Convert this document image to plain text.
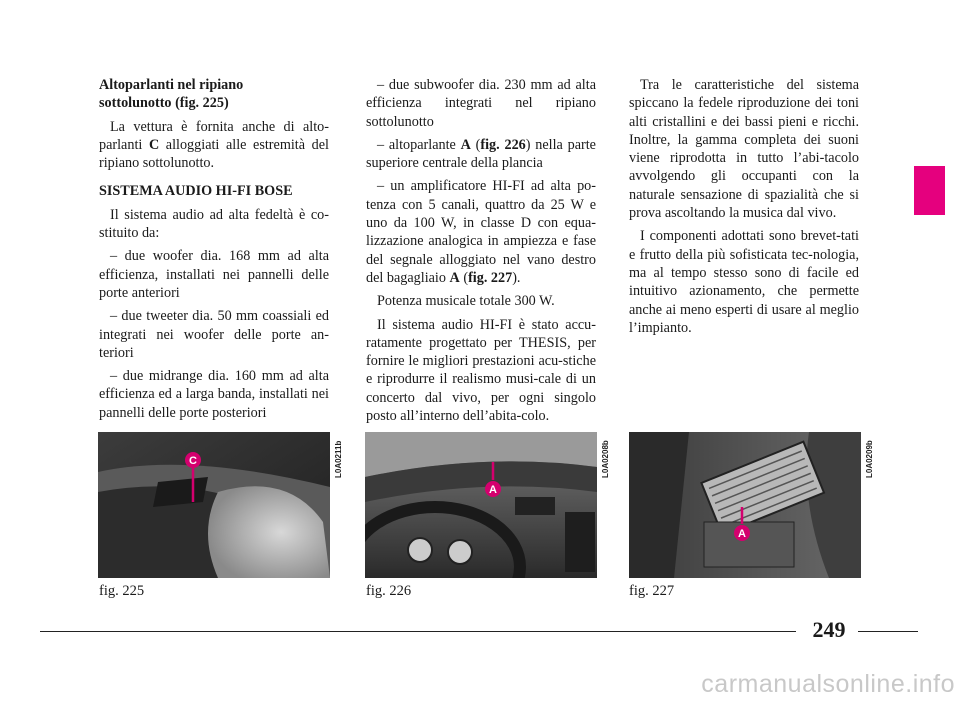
Altoparlanti nel ripiano
sottolunotto (fig. 225)

La vettura è fornita anche di alto-parlanti C alloggiati alle estremità del ripiano sottolunotto.

SISTEMA AUDIO HI-FI BOSE

Il sistema audio ad alta fedeltà è co-stituito da:

– due woofer dia. 168 mm ad alta efficienza, installati nei pannelli delle porte anteriori

– due tweeter dia. 50 mm coassiali ed integrati nei woofer delle porte an-teriori

– due midrange dia. 160 mm ad alta efficienza ed a larga banda, installati nei pannelli delle porte posteriori

– due subwoofer dia. 230 mm ad alta efficienza integrati nel ripiano sottolunotto

– altoparlante A (fig. 226) nella parte superiore centrale della plancia

– un amplificatore HI-FI ad alta po-tenza con 5 canali, quattro da 25 W e uno da 100 W, in classe D con equa-lizzazione analogica in ampiezza e fase del segnale alloggiato nel vano destro del bagagliaio A (fig. 227).

Potenza musicale totale 300 W.

Il sistema audio HI-FI è stato accu-ratamente progettato per THESIS, per fornire le migliori prestazioni acu-stiche e riprodurre il realismo musi-cale di un concerto dal vivo, per ogni singolo posto all’interno dell’abita-colo.

Tra le caratteristiche del sistema spiccano la fedele riproduzione dei toni alti cristallini e dei bassi pieni e ricchi. Inoltre, la gamma completa dei suoni viene riprodotta in tutto l’abi-tacolo avvolgendo gli occupanti con la naturale sensazione di spazialità che si prova ascoltando la musica dal vivo.

I componenti adottati sono brevet-tati e frutto della più sofisticata tec-nologia, ma al tempo stesso sono di facile ed intuitivo azionamento, che permette anche ai meno esperti di usare al meglio l’impianto.

C	L0A0211b
fig. 225
A
L0A0208b
fig. 226
A
L0A0209b
fig. 227
249
carmanualsonline.info
